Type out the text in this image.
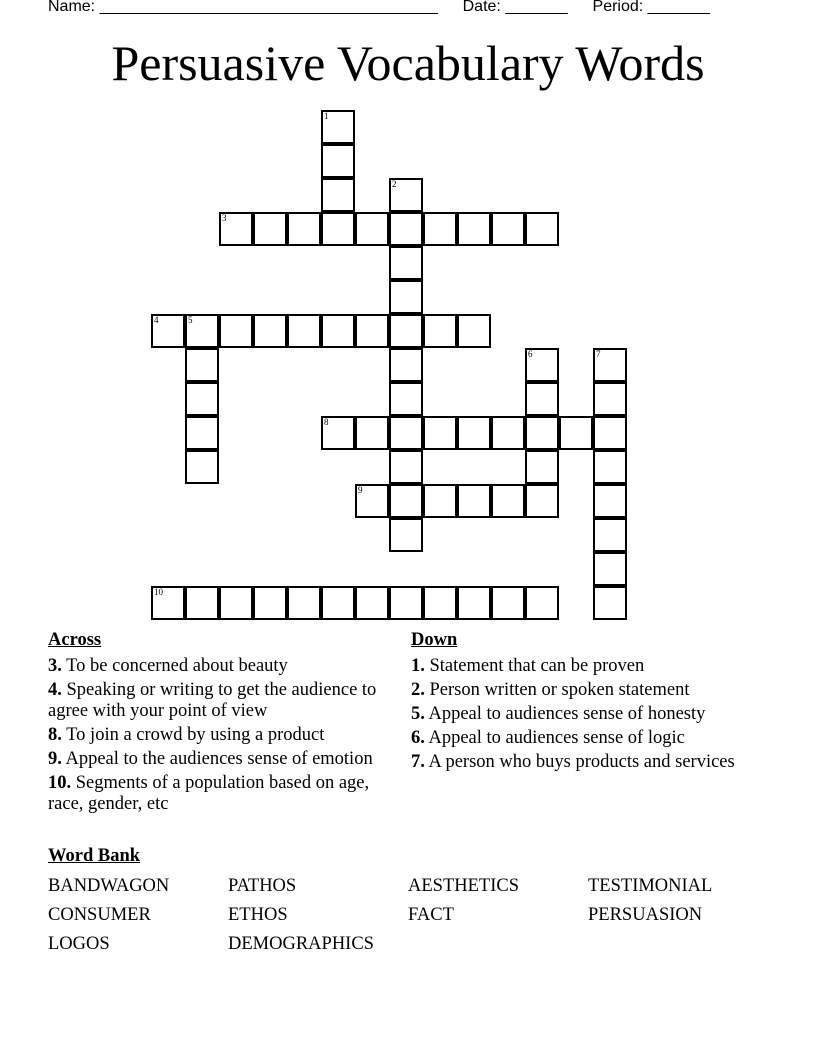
Name: ______________________________________ Date: _______ Period: _______
Persuasive Vocabulary Words
1
2
3
4	5
6	7
8
9
10
Across
3. To be concerned about beauty
4. Speaking or writing to get the audience to agree with your point of view
8. To join a crowd by using a product
9. Appeal to the audiences sense of emotion
10. Segments of a population based on age, race, gender, etc
Down
1. Statement that can be proven
2. Person written or spoken statement
5. Appeal to audiences sense of honesty
6. Appeal to audiences sense of logic
7. A person who buys products and services
Word Bank
BANDWAGON	PATHOS	AESTHETICS	TESTIMONIAL
CONSUMER	ETHOS	FACT	PERSUASION
LOGOS	DEMOGRAPHICS
